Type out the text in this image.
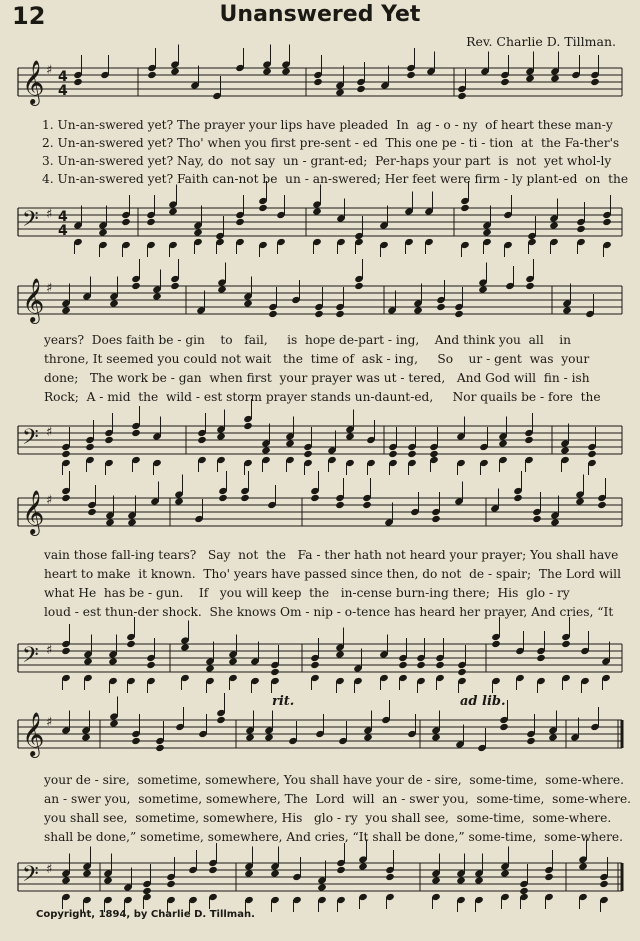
12	Unanswered Yet
Rev. Charlie D. Tillman.
𝄞 ♯ 4
4
1. Un-an-swered yet? The prayer your lips have pleaded  In  ag - o - ny  of heart these man-y
2. Un-an-swered yet? Tho' when you first pre-sent - ed  This one pe - ti - tion  at  the Fa-ther's
3. Un-an-swered yet? Nay, do  not say  un - grant-ed;  Per-haps your part  is  not  yet whol-ly
4. Un-an-swered yet? Faith can-not be  un - an-swered; Her feet were firm - ly plant-ed  on  the
𝄢 ♯ 4
4
𝄞 ♯
years?  Does faith be - gin    to   fail,     is  hope de-part - ing,    And think you  all    in
throne, It seemed you could not wait   the  time of  ask - ing,     So    ur - gent  was  your
done;   The work be - gan  when first  your prayer was ut - tered,   And God will  fin - ish
Rock;  A - mid  the  wild - est storm prayer stands un-daunt-ed,     Nor quails be - fore  the
𝄢 ♯
𝄞 ♯
vain those fall-ing tears?   Say  not  the   Fa - ther hath not heard your prayer; You shall have
heart to make  it known.  Tho' years have passed since then, do not  de - spair;  The Lord will
what He  has be - gun.    If   you will keep  the   in-cense burn-ing there;  His  glo - ry
loud - est thun-der shock.  She knows Om - nip - o-tence has heard her prayer, And cries, “It
𝄢 ♯
rit.	ad lib.
𝄞 ♯
your de - sire,  sometime, somewhere, You shall have your de - sire,  some-time,  some-where.
an - swer you,  sometime, somewhere, The  Lord  will  an - swer you,  some-time,  some-where.
you shall see,  sometime, somewhere, His   glo - ry  you shall see,  some-time,  some-where.
shall be done,” sometime, somewhere, And cries, “It shall be done,” some-time,  some-where.
𝄢 ♯
Copyright, 1894, by Charlie D. Tillman.
